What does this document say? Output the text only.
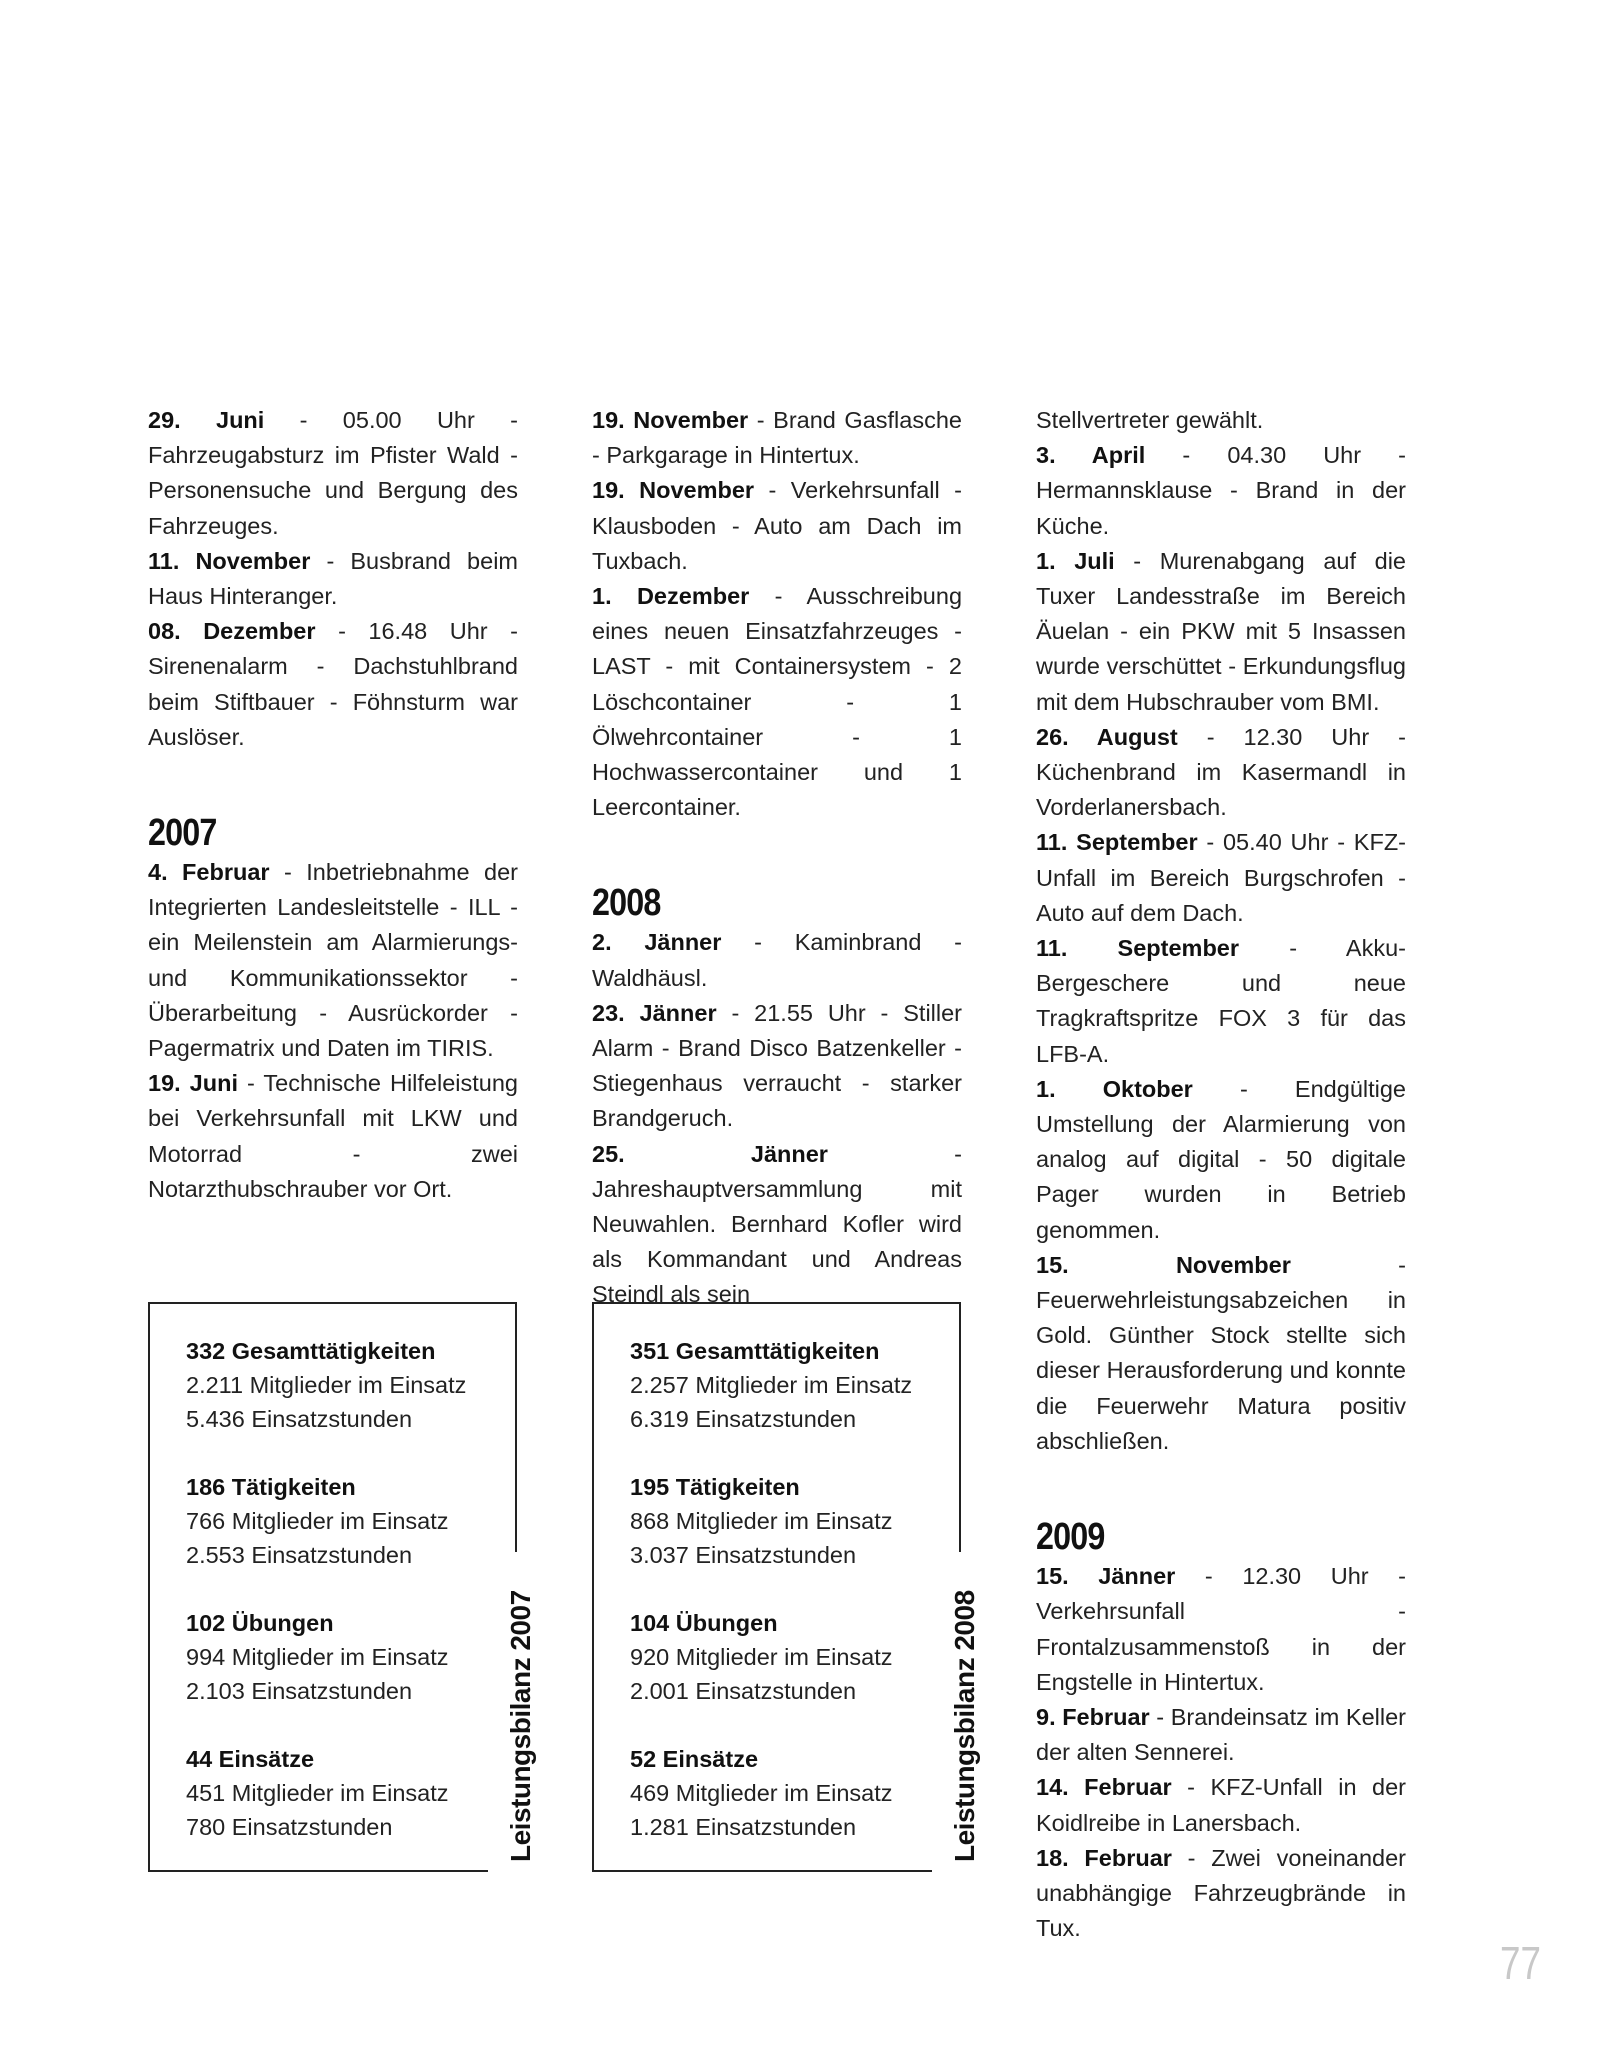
29. Juni - 05.00 Uhr - Fahrzeugabsturz im Pfister Wald - Personensuche und Bergung des Fahrzeuges.

11. November - Busbrand beim Haus Hinteranger.

08. Dezember - 16.48 Uhr - Sirenenalarm - Dachstuhlbrand beim Stiftbauer - Föhnsturm war Auslöser.

2007

4. Februar - Inbetriebnahme der Integrierten Landesleitstelle - ILL - ein Meilenstein am Alarmierungs- und Kommunikationssektor - Überarbeitung - Ausrückorder - Pagermatrix und Daten im TIRIS.

19. Juni - Technische Hilfeleistung bei Verkehrsunfall mit LKW und Motorrad - zwei Notarzthubschrauber vor Ort.

19. November - Brand Gasflasche - Parkgarage in Hintertux.

19. November - Verkehrsunfall - Klausboden - Auto am Dach im Tuxbach.

1. Dezember - Ausschreibung eines neuen Einsatzfahrzeuges - LAST - mit Containersystem - 2 Löschcontainer - 1 Ölwehrcontainer - 1 Hochwassercontainer und 1 Leercontainer.

2008

2. Jänner - Kaminbrand - Waldhäusl.

23. Jänner - 21.55 Uhr - Stiller Alarm - Brand Disco Batzenkeller - Stiegenhaus verraucht - starker Brandgeruch.

25. Jänner - Jahreshauptversammlung mit Neuwahlen. Bernhard Kofler wird als Kommandant und Andreas Steindl als sein

Stellvertreter gewählt.

3. April - 04.30 Uhr - Hermannsklause - Brand in der Küche.

1. Juli - Murenabgang auf die Tuxer Landesstraße im Bereich Äuelan - ein PKW mit 5 Insassen wurde verschüttet - Erkundungsflug mit dem Hubschrauber vom BMI.

26. August - 12.30 Uhr - Küchenbrand im Kasermandl in Vorderlanersbach.

11. September - 05.40 Uhr - KFZ-Unfall im Bereich Burgschrofen - Auto auf dem Dach.

11. September - Akku-Bergeschere und neue Tragkraftspritze FOX 3 für das LFB-A.

1. Oktober - Endgültige Umstellung der Alarmierung von analog auf digital - 50 digitale Pager wurden in Betrieb genommen.

15. November - Feuerwehrleistungsabzeichen in Gold. Günther Stock stellte sich dieser Herausforderung und konnte die Feuerwehr Matura positiv abschließen.

2009

15. Jänner - 12.30 Uhr - Verkehrsunfall - Frontalzusammenstoß in der Engstelle in Hintertux.

9. Februar - Brandeinsatz im Keller der alten Sennerei.

14. Februar - KFZ-Unfall in der Koidlreibe in Lanersbach.

18. Februar - Zwei voneinander unabhängige Fahrzeugbrände in Tux.

332 Gesamttätigkeiten
2.211 Mitglieder im Einsatz
5.436 Einsatzstunden
186 Tätigkeiten
766 Mitglieder im Einsatz
2.553 Einsatzstunden
102 Übungen
994 Mitglieder im Einsatz
2.103 Einsatzstunden
44 Einsätze
451 Mitglieder im Einsatz
780 Einsatzstunden	Leistungsbilanz 2007
351 Gesamttätigkeiten
2.257 Mitglieder im Einsatz
6.319 Einsatzstunden
195 Tätigkeiten
868 Mitglieder im Einsatz
3.037 Einsatzstunden
104 Übungen
920 Mitglieder im Einsatz
2.001 Einsatzstunden
52 Einsätze
469 Mitglieder im Einsatz
1.281 Einsatzstunden	Leistungsbilanz 2008
77
